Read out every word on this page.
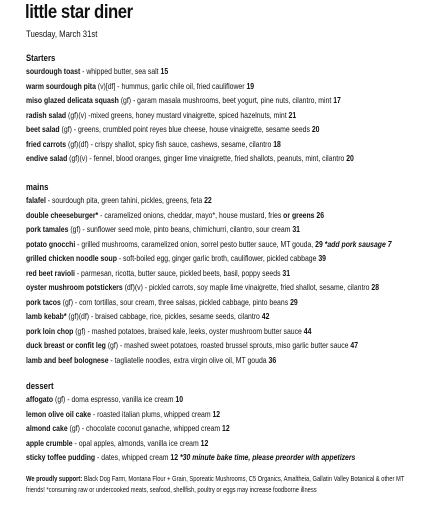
little star diner
Tuesday, March 31st
Starters
sourdough toast - whipped butter, sea salt 15
warm sourdough pita (v)[df] - hummus, garlic chile oil, fried cauliflower 19
miso glazed delicata squash (gf) - garam masala mushrooms, beet yogurt, pine nuts, cilantro, mint 17
radish salad (gf)(v) -mixed greens, honey mustard vinaigrette, spiced hazelnuts, mint 21
beet salad (gf) - greens, crumbled point reyes blue cheese, house vinaigrette, sesame seeds 20
fried carrots (gf)(df) - crispy shallot, spicy fish sauce, cashews, sesame, cilantro 18
endive salad (gf)(v) - fennel, blood oranges, ginger lime vinaigrette, fried shallots, peanuts, mint, cilantro 20
mains
falafel - sourdough pita, green tahini, pickles, greens, feta 22
double cheeseburger* - caramelized onions, cheddar, mayo*, house mustard, fries or greens 26
pork tamales (gf) - sunflower seed mole, pinto beans, chimichurri, cilantro, sour cream 31
potato gnocchi - grilled mushrooms, caramelized onion, sorrel pesto butter sauce, MT gouda, 29 *add pork sausage 7
grilled chicken noodle soup - soft-boiled egg, ginger garlic broth, cauliflower, pickled cabbage 39
red beet ravioli - parmesan, ricotta, butter sauce, pickled beets, basil, poppy seeds 31
oyster mushroom potstickers (df)(v) - pickled carrots, soy maple lime vinaigrette, fried shallot, sesame, cilantro 28
pork tacos (gf) - corn tortillas, sour cream, three salsas, pickled cabbage, pinto beans 29
lamb kebab* (gf)(df) - braised cabbage, rice, pickles, sesame seeds, cilantro 42
pork loin chop (gf) - mashed potatoes, braised kale, leeks, oyster mushroom butter sauce 44
duck breast or confit leg (gf) - mashed sweet potatoes, roasted brussel sprouts, miso garlic butter sauce 47
lamb and beef bolognese - tagliatelle noodles, extra virgin olive oil, MT gouda 36
dessert
affogato (gf) - doma espresso, vanilla ice cream 10
lemon olive oil cake - roasted italian plums, whipped cream 12
almond cake (gf) - chocolate coconut ganache, whipped cream 12
apple crumble - opal apples, almonds, vanilla ice cream 12
sticky toffee pudding - dates, whipped cream 12 *30 minute bake time, please preorder with appetizers
We proudly support: Black Dog Farm, Montana Flour + Grain, Sporeatic Mushrooms, C5 Organics, Amaltheia, Gallatin Valley Botanical & other MT
friends! *consuming raw or undercooked meats, seafood, shellfish, poultry or eggs may increase foodborne illness
